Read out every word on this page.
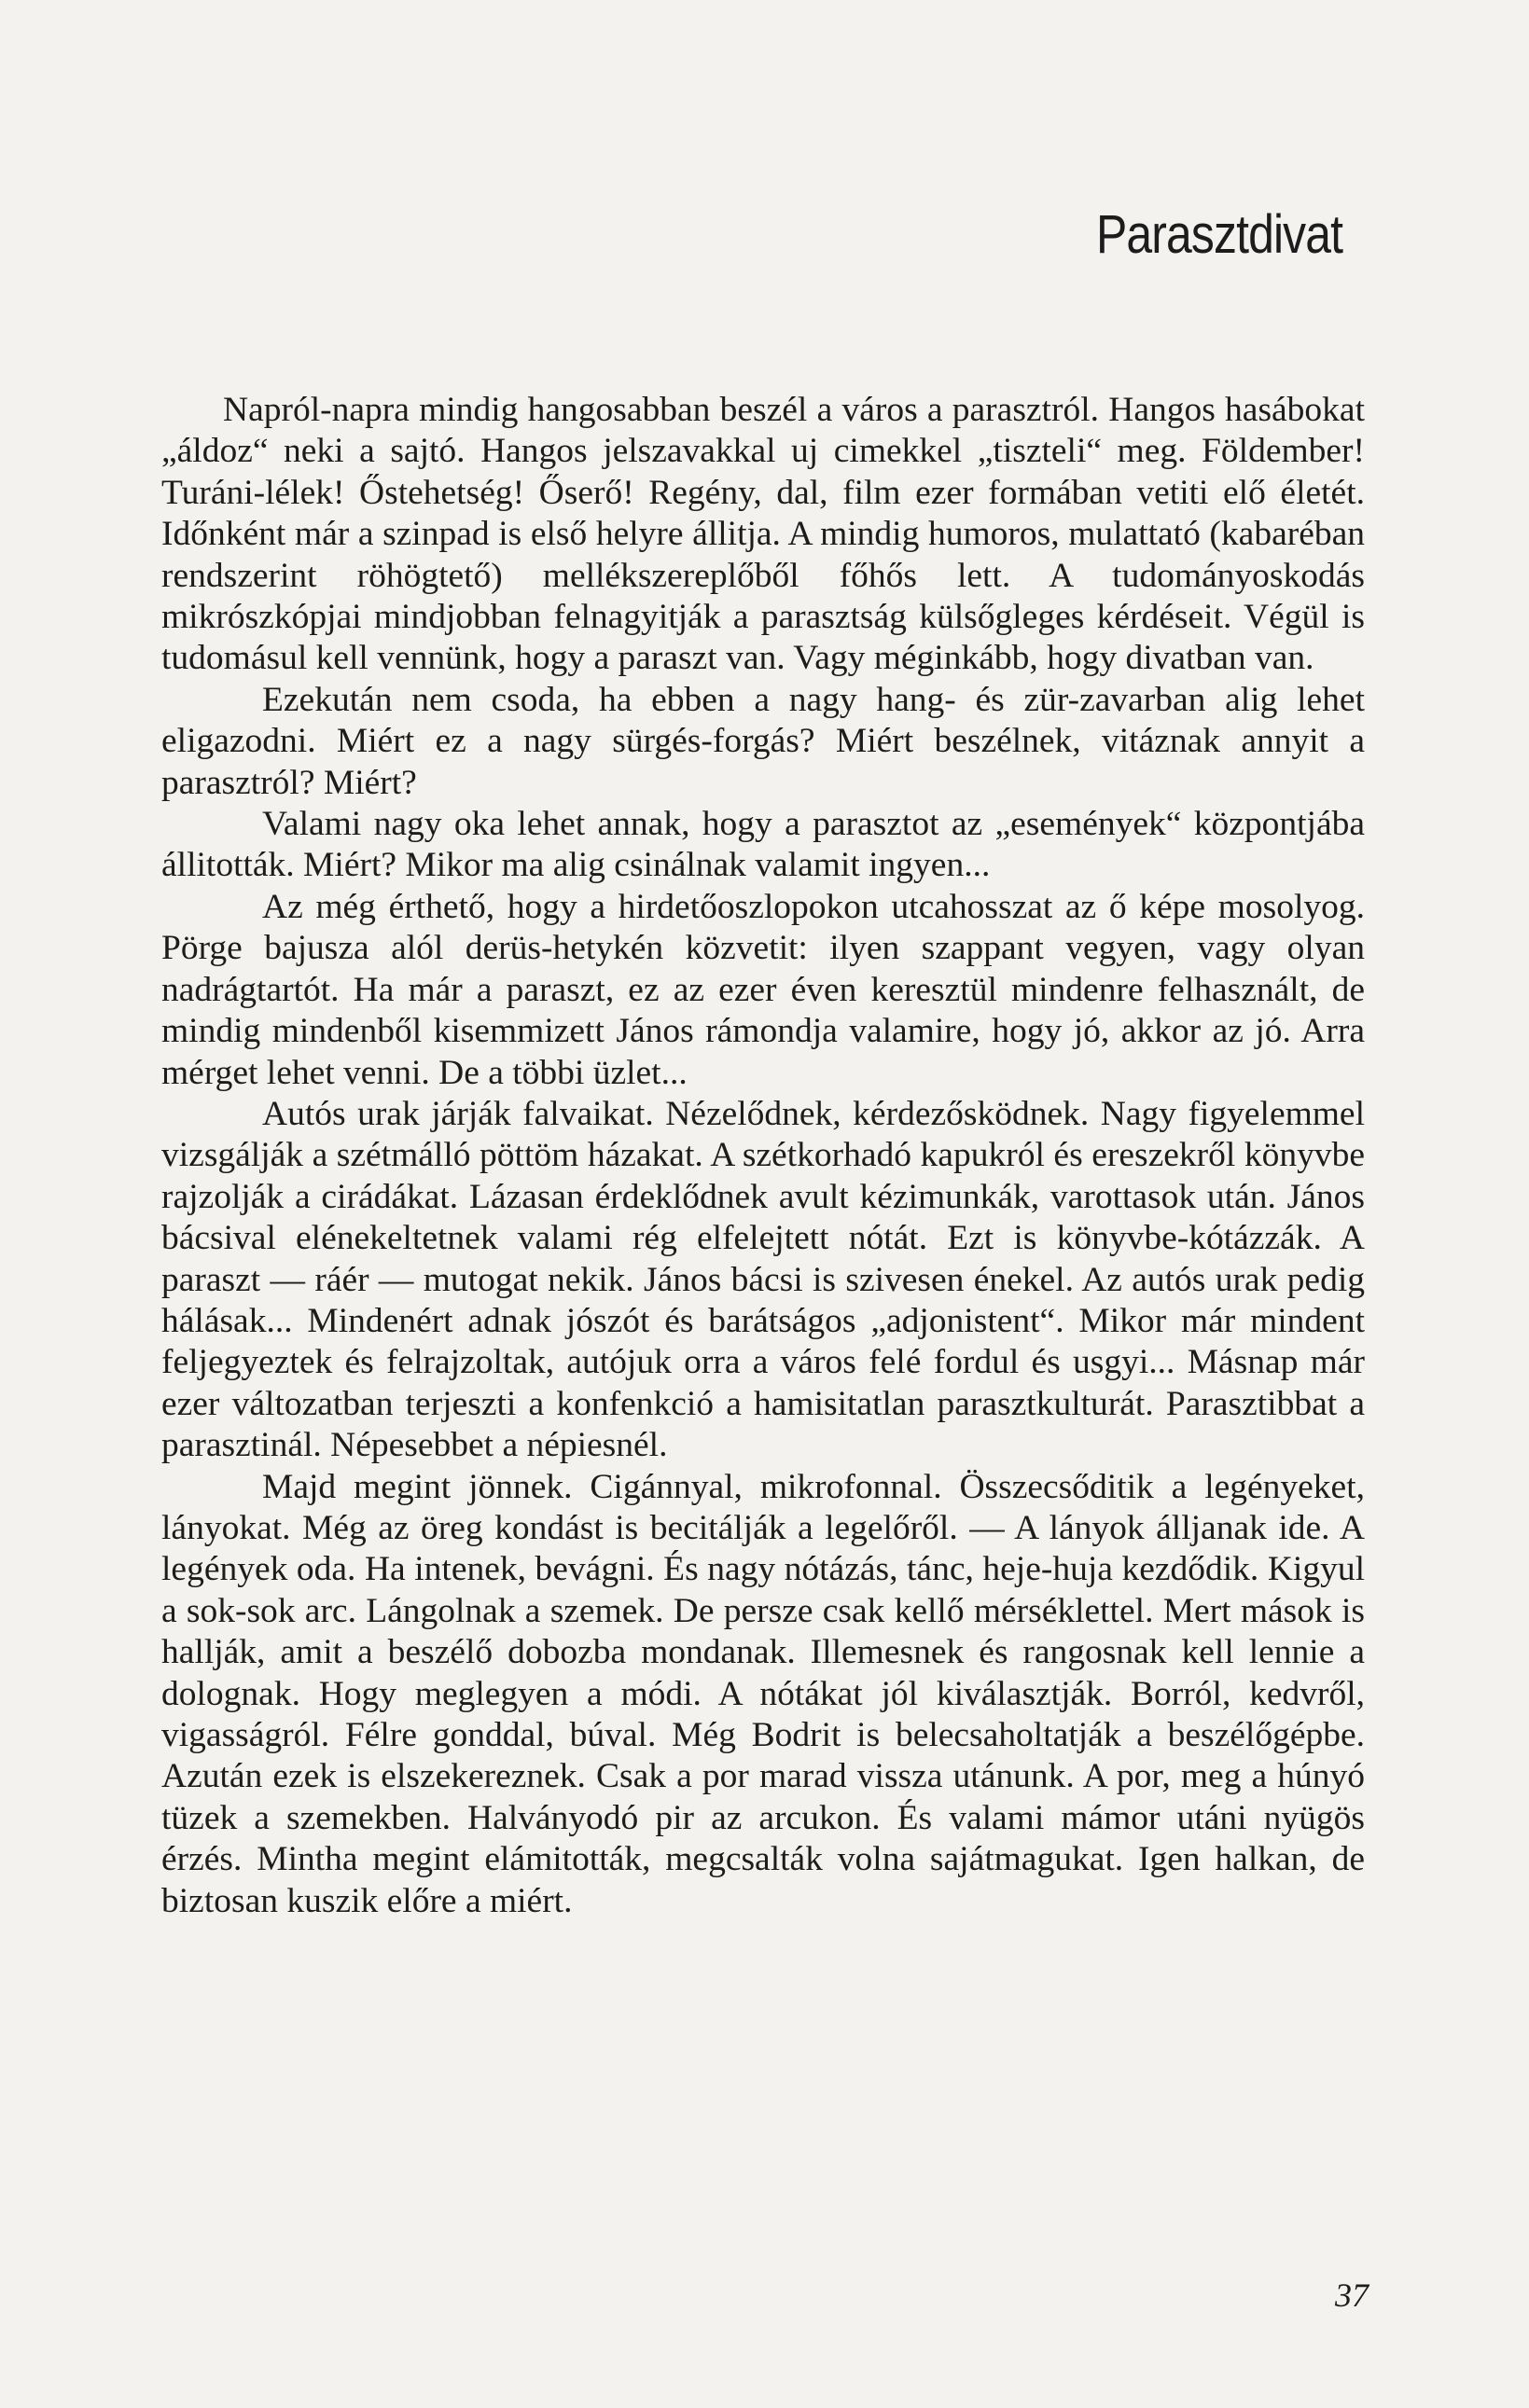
Parasztdivat

Napról-napra mindig hangosabban beszél a város a parasztról. Hangos hasábokat „áldoz“ neki a sajtó. Hangos jelszavakkal uj cimekkel „tiszteli“ meg. Földember! Turáni-lélek! Őstehetség! Őserő! Regény, dal, film ezer formában vetiti elő életét. Időnként már a szinpad is első helyre állitja. A mindig humoros, mulattató (kabaréban rendszerint röhögtető) mellékszereplőből főhős lett. A tudományoskodás mikrószkópjai mindjobban felnagyitják a parasztság külsőgleges kérdéseit. Végül is tudomásul kell vennünk, hogy a paraszt van. Vagy méginkább, hogy divatban van.

Ezekután nem csoda, ha ebben a nagy hang- és zür-zavarban alig lehet eligazodni. Miért ez a nagy sürgés-forgás? Miért beszélnek, vitáznak annyit a parasztról? Miért?

Valami nagy oka lehet annak, hogy a parasztot az „események“ központjába állitották. Miért? Mikor ma alig csinálnak valamit ingyen...

Az még érthető, hogy a hirdetőoszlopokon utcahosszat az ő képe mosolyog. Pörge bajusza alól derüs-hetykén közvetit: ilyen szappant vegyen, vagy olyan nadrágtartót. Ha már a paraszt, ez az ezer éven keresztül mindenre felhasznált, de mindig mindenből kisemmizett János rámondja valamire, hogy jó, akkor az jó. Arra mérget lehet venni. De a többi üzlet...

Autós urak járják falvaikat. Nézelődnek, kérdezősködnek. Nagy figyelemmel vizsgálják a szétmálló pöttöm házakat. A szétkorhadó kapukról és ereszekről könyvbe rajzolják a cirádákat. Lázasan érdeklődnek avult kézimunkák, varottasok után. János bácsival elénekeltetnek valami rég elfelejtett nótát. Ezt is könyvbe-kótázzák. A paraszt — ráér — mutogat nekik. János bácsi is szivesen énekel. Az autós urak pedig hálásak... Mindenért adnak jószót és barátságos „adjonistent“. Mikor már mindent feljegyeztek és felrajzoltak, autójuk orra a város felé fordul és usgyi... Másnap már ezer változatban terjeszti a konfenkció a hamisitatlan parasztkulturát. Parasztibbat a parasztinál. Népesebbet a népiesnél.

Majd megint jönnek. Cigánnyal, mikrofonnal. Összecsőditik a legényeket, lányokat. Még az öreg kondást is becitálják a legelőről. — A lányok álljanak ide. A legények oda. Ha intenek, bevágni. És nagy nótázás, tánc, heje-huja kezdődik. Kigyul a sok-sok arc. Lángolnak a szemek. De persze csak kellő mérséklettel. Mert mások is hallják, amit a beszélő dobozba mondanak. Illemesnek és rangosnak kell lennie a dolognak. Hogy meglegyen a módi. A nótákat jól kiválasztják. Borról, kedvről, vigasságról. Félre gonddal, búval. Még Bodrit is belecsaholtatják a beszélőgépbe. Azután ezek is elszekereznek. Csak a por marad vissza utánunk. A por, meg a húnyó tüzek a szemekben. Halványodó pir az arcukon. És valami mámor utáni nyügös érzés. Mintha megint elámitották, megcsalták volna sajátmagukat. Igen halkan, de biztosan kuszik előre a miért.

37
